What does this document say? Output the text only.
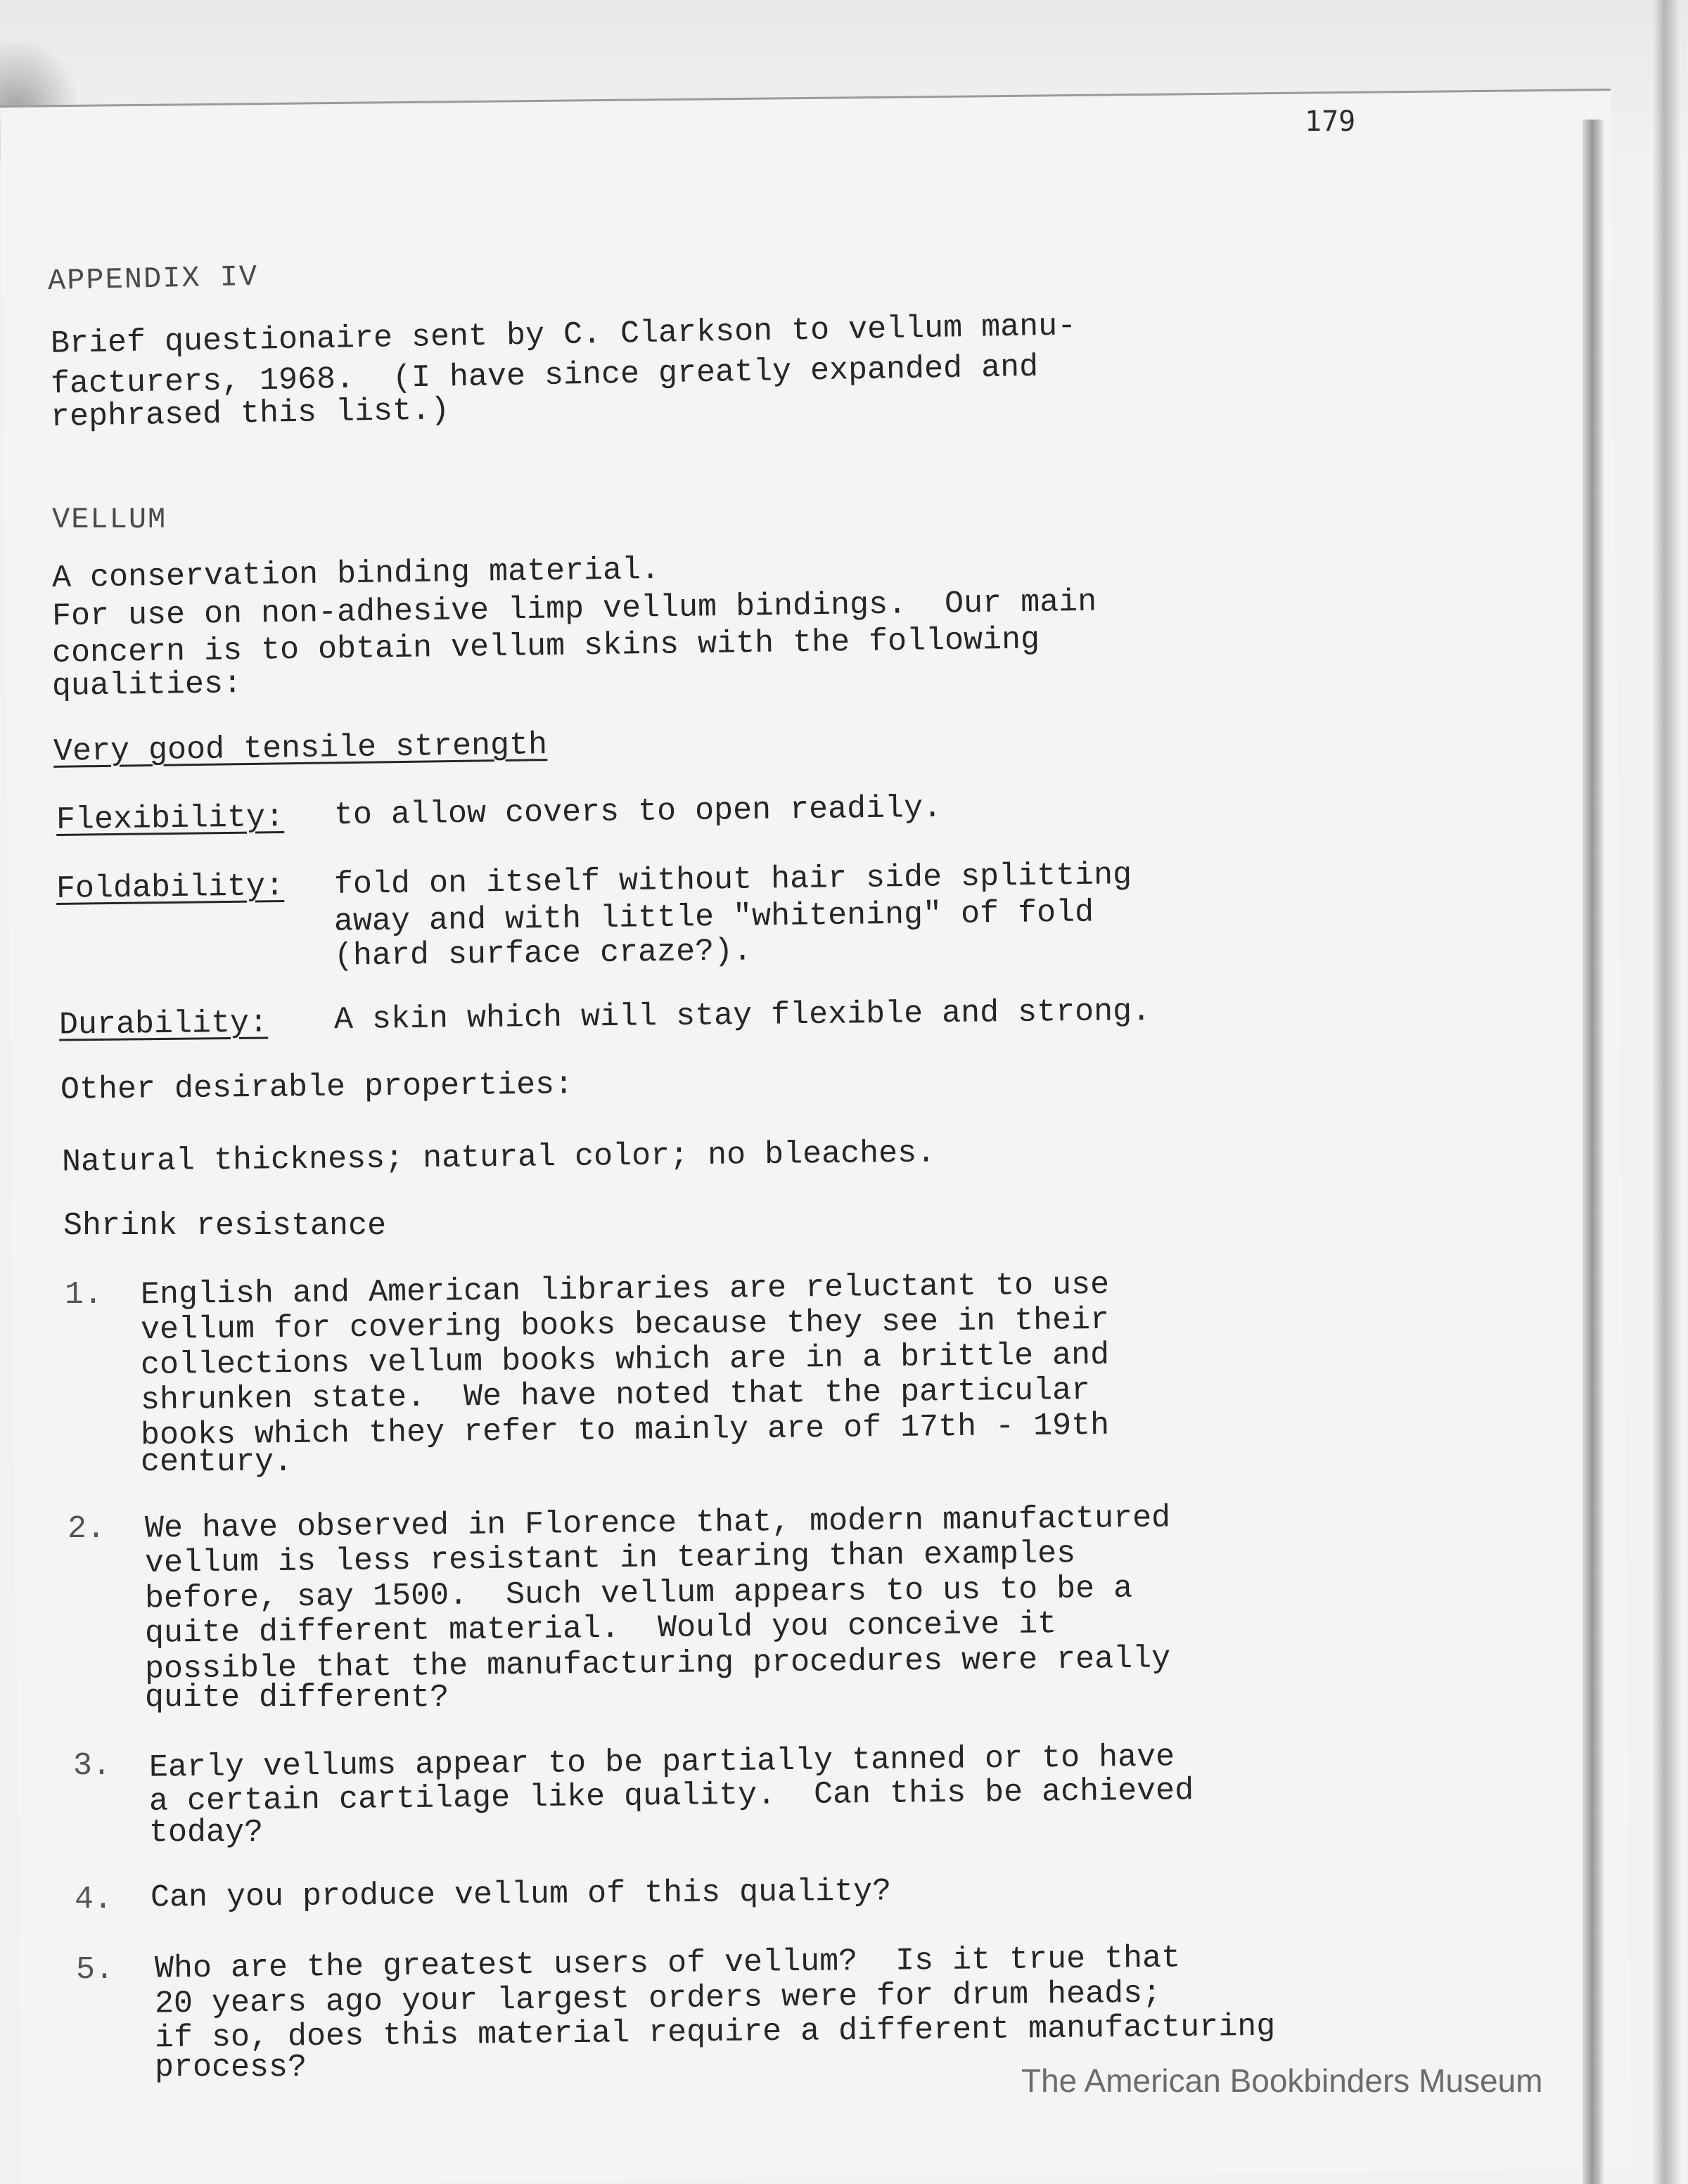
179
APPENDIX IV
Brief questionaire sent by C. Clarkson to vellum manu-
facturers, 1968.  (I have since greatly expanded and
rephrased this list.)
VELLUM
A conservation binding material.
For use on non-adhesive limp vellum bindings.  Our main
concern is to obtain vellum skins with the following
qualities:
Very good tensile strength
Flexibility: to allow covers to open readily.
Foldability: fold on itself without hair side splitting
away and with little "whitening" of fold
(hard surface craze?).
Durability: A skin which will stay flexible and strong.
Other desirable properties:
Natural thickness; natural color; no bleaches.
Shrink resistance
1. English and American libraries are reluctant to use
vellum for covering books because they see in their
collections vellum books which are in a brittle and
shrunken state.  We have noted that the particular
books which they refer to mainly are of 17th - 19th
century.
2. We have observed in Florence that, modern manufactured
vellum is less resistant in tearing than examples
before, say 1500.  Such vellum appears to us to be a
quite different material.  Would you conceive it
possible that the manufacturing procedures were really
quite different?
3. Early vellums appear to be partially tanned or to have
a certain cartilage like quality.  Can this be achieved
today?
4. Can you produce vellum of this quality?
5. Who are the greatest users of vellum?  Is it true that
20 years ago your largest orders were for drum heads;
if so, does this material require a different manufacturing
process?	The American Bookbinders Museum
